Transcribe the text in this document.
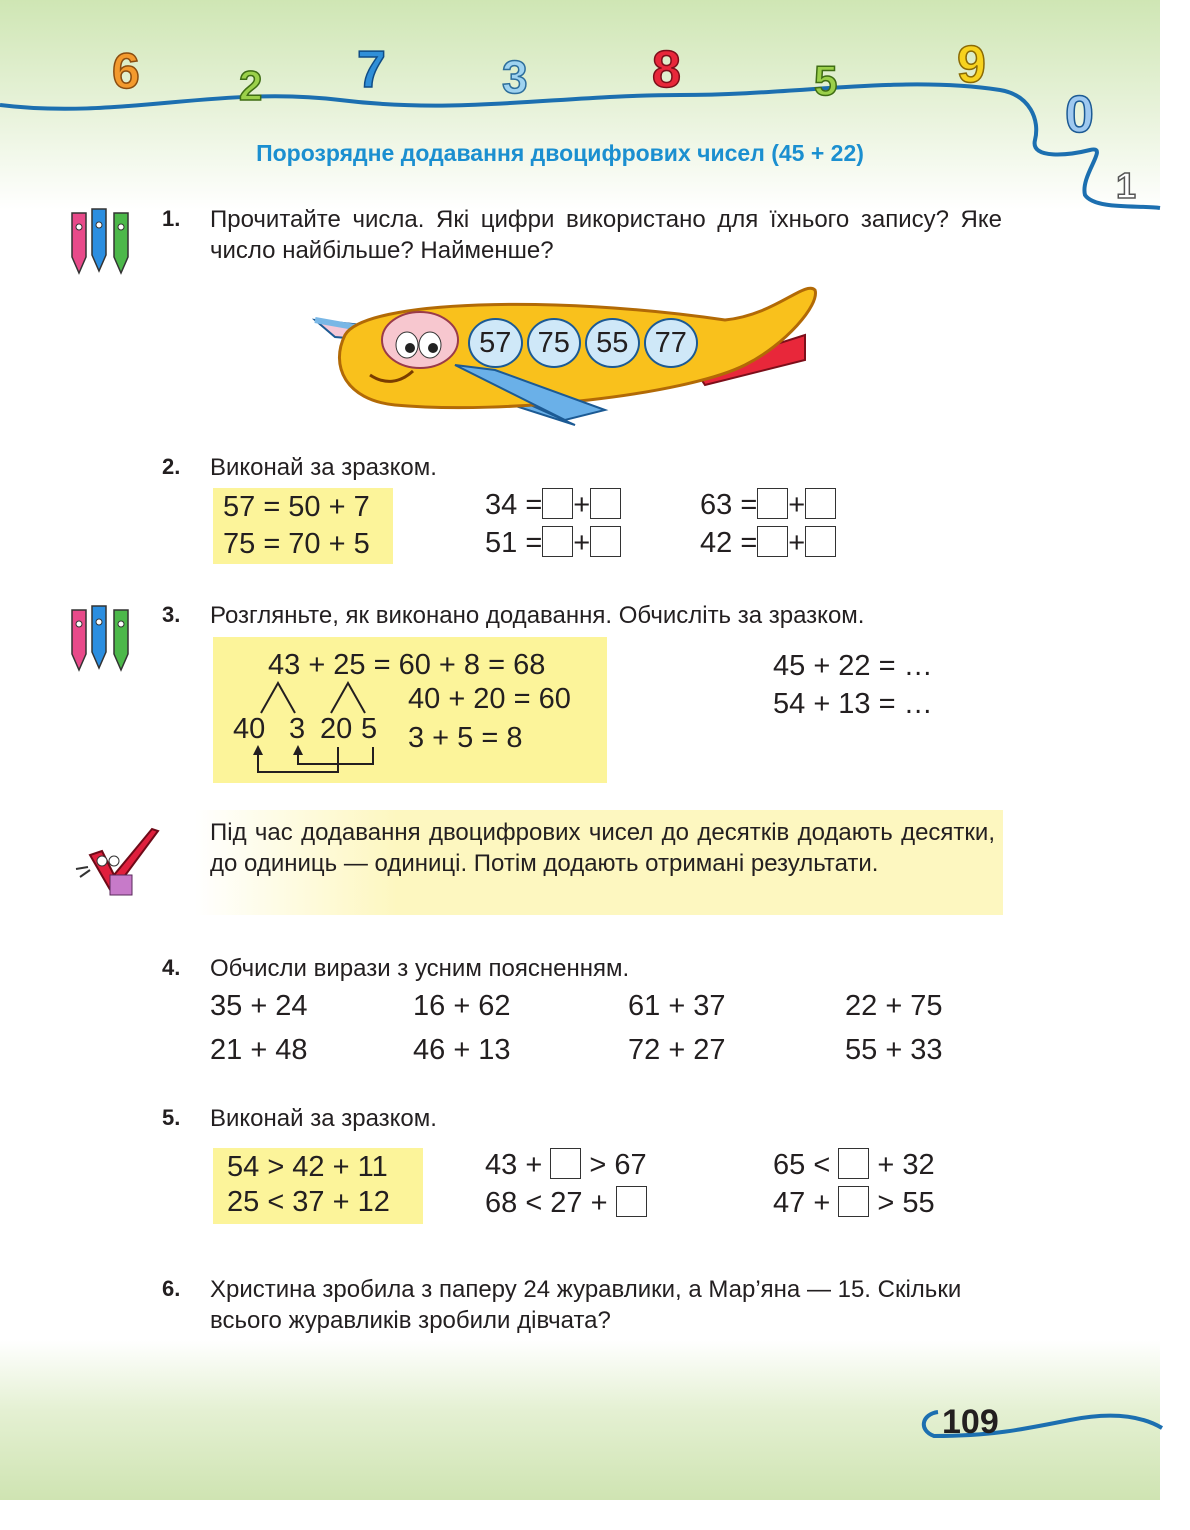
6 2 7	3 8	5 9
0
1
Порозрядне додавання двоцифрових чисел (45 + 22)
1. Прочитайте числа. Які цифри використано для їхнього запису? Яке число найбільше? Найменше?
57 75 55 77
2. Виконай за зразком.
57 = 50 + 7
75 = 70 + 5
34 = +
51 = +
63 = +
42 = +
3. Розгляньте, як виконано додавання. Обчисліть за зразком.
43 + 25 = 60 + 8 = 68
40 + 20 = 60
3 + 5 = 8
40 3 20 5
45 + 22 = …
54 + 13 = …
Під час додавання двоцифрових чисел до десятків додають десятки, до одиниць — одиниці. Потім додають отримані результати.
4. Обчисли вирази з усним поясненням.
35 + 24	16 + 62	61 + 37	22 + 75
21 + 48	46 + 13	72 + 27	55 + 33
5. Виконай за зразком.
54 > 42 + 11
25 < 37 + 12
43 + > 67
68 < 27 +
65 < + 32
47 + > 55
6. Христина зробила з паперу 24 журавлики, а Мар’яна — 15. Скільки всього журавликів зробили дівчата?
109
